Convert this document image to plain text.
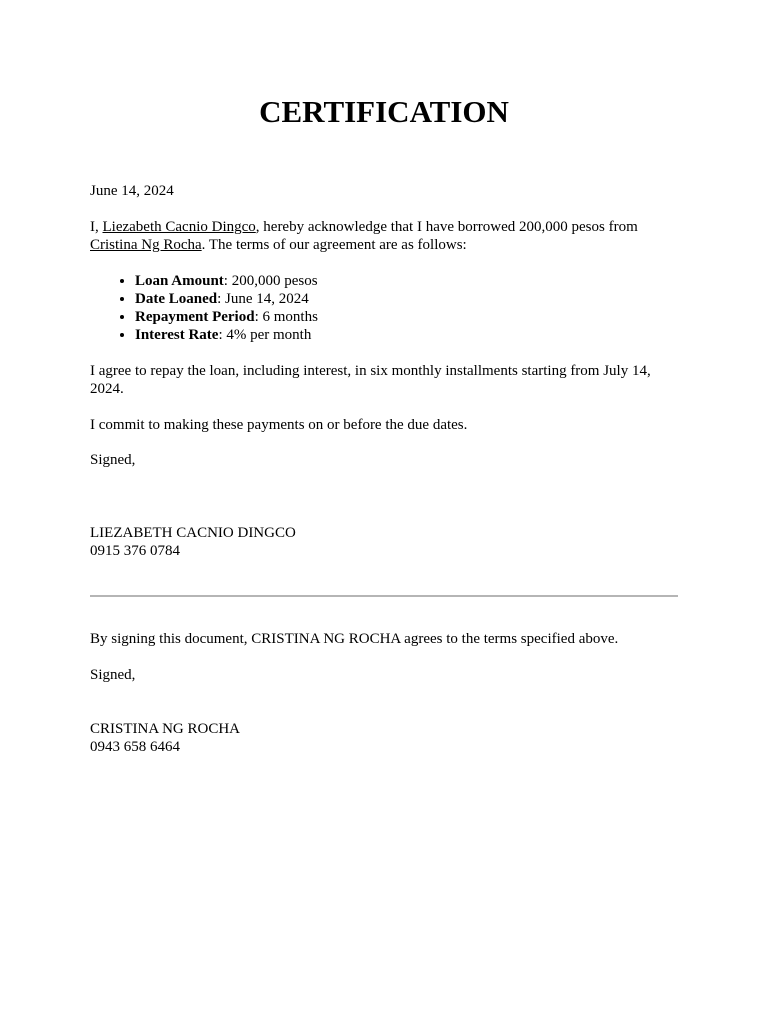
CERTIFICATION

June 14, 2024

I, Liezabeth Cacnio Dingco, hereby acknowledge that I have borrowed 200,000 pesos from Cristina Ng Rocha. The terms of our agreement are as follows:

• Loan Amount: 200,000 pesos
• Date Loaned: June 14, 2024
• Repayment Period: 6 months
• Interest Rate: 4% per month

I agree to repay the loan, including interest, in six monthly installments starting from July 14, 2024.

I commit to making these payments on or before the due dates.

Signed,

LIEZABETH CACNIO DINGCO
0915 376 0784

By signing this document, CRISTINA NG ROCHA agrees to the terms specified above.

Signed,

CRISTINA NG ROCHA
0943 658 6464
